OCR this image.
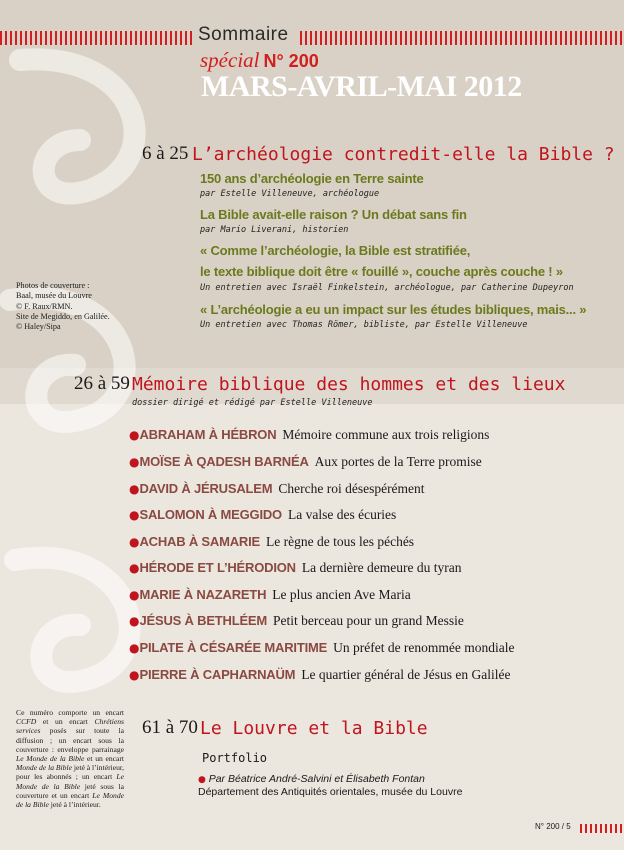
Sommaire
spécial N° 200
MARS-AVRIL-MAI 2012
6 à 25 L’archéologie contredit-elle la Bible ?
150 ans d’archéologie en Terre sainte
par Estelle Villeneuve, archéologue
La Bible avait-elle raison ? Un débat sans fin
par Mario Liverani, historien
« Comme l’archéologie, la Bible est stratifiée,
le texte biblique doit être « fouillé », couche après couche ! »
Un entretien avec Israël Finkelstein, archéologue, par Catherine Dupeyron
« L’archéologie a eu un impact sur les études bibliques, mais... »
Un entretien avec Thomas Römer, bibliste, par Estelle Villeneuve
Photos de couverture :
Baal, musée du Louvre
© F. Raux/RMN.
Site de Megiddo, en Galilée.
© Haley/Sipa
26 à 59 Mémoire biblique des hommes et des lieux
dossier dirigé et rédigé par Estelle Villeneuve
●ABRAHAM À HÉBRON Mémoire commune aux trois religions
●MOÏSE À QADESH BARNÉA Aux portes de la Terre promise
●DAVID À JÉRUSALEM Cherche roi désespérément
●SALOMON À MEGGIDO La valse des écuries
●ACHAB À SAMARIE Le règne de tous les péchés
●HÉRODE ET L’HÉRODION La dernière demeure du tyran
●MARIE À NAZARETH Le plus ancien Ave Maria
●JÉSUS À BETHLÉEM Petit berceau pour un grand Messie
●PILATE À CÉSARÉE MARITIME Un préfet de renommée mondiale
●PIERRE À CAPHARNAÜM Le quartier général de Jésus en Galilée
Ce numéro comporte un encart CCFD et un encart Chrétiens services posés sur toute la diffusion ; un encart sous la couverture : enveloppe parrainage Le Monde de la Bible et un encart Monde de la Bible jeté à l’intérieur, pour les abonnés ; un encart Le Monde de la Bible jeté sous la couverture et un encart Le Monde de la Bible jeté à l’intérieur.
61 à 70 Le Louvre et la Bible
Portfolio
● Par Béatrice André-Salvini et Élisabeth Fontan
Département des Antiquités orientales, musée du Louvre
N° 200 / 5
